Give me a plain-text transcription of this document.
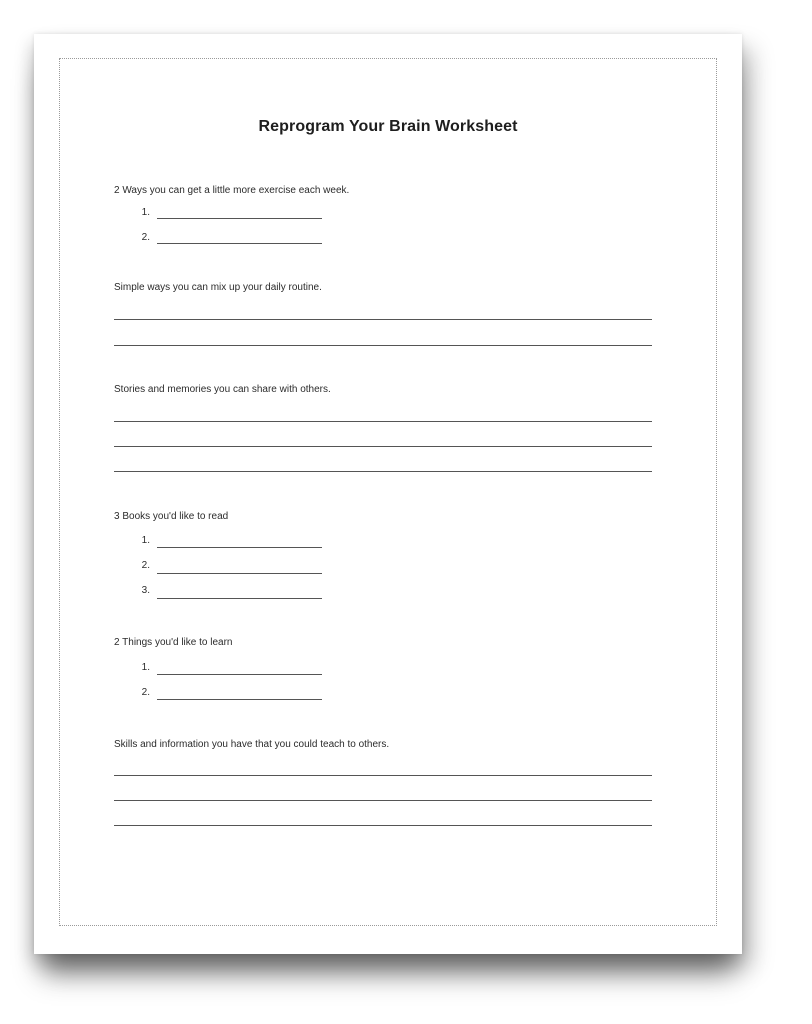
Reprogram Your Brain Worksheet
2 Ways you can get a little more exercise each week.
1.
2.
Simple ways you can mix up your daily routine.
Stories and memories you can share with others.
3 Books you'd like to read
1.
2.
3.
2 Things you'd like to learn
1.
2.
Skills and information you have that you could teach to others.
